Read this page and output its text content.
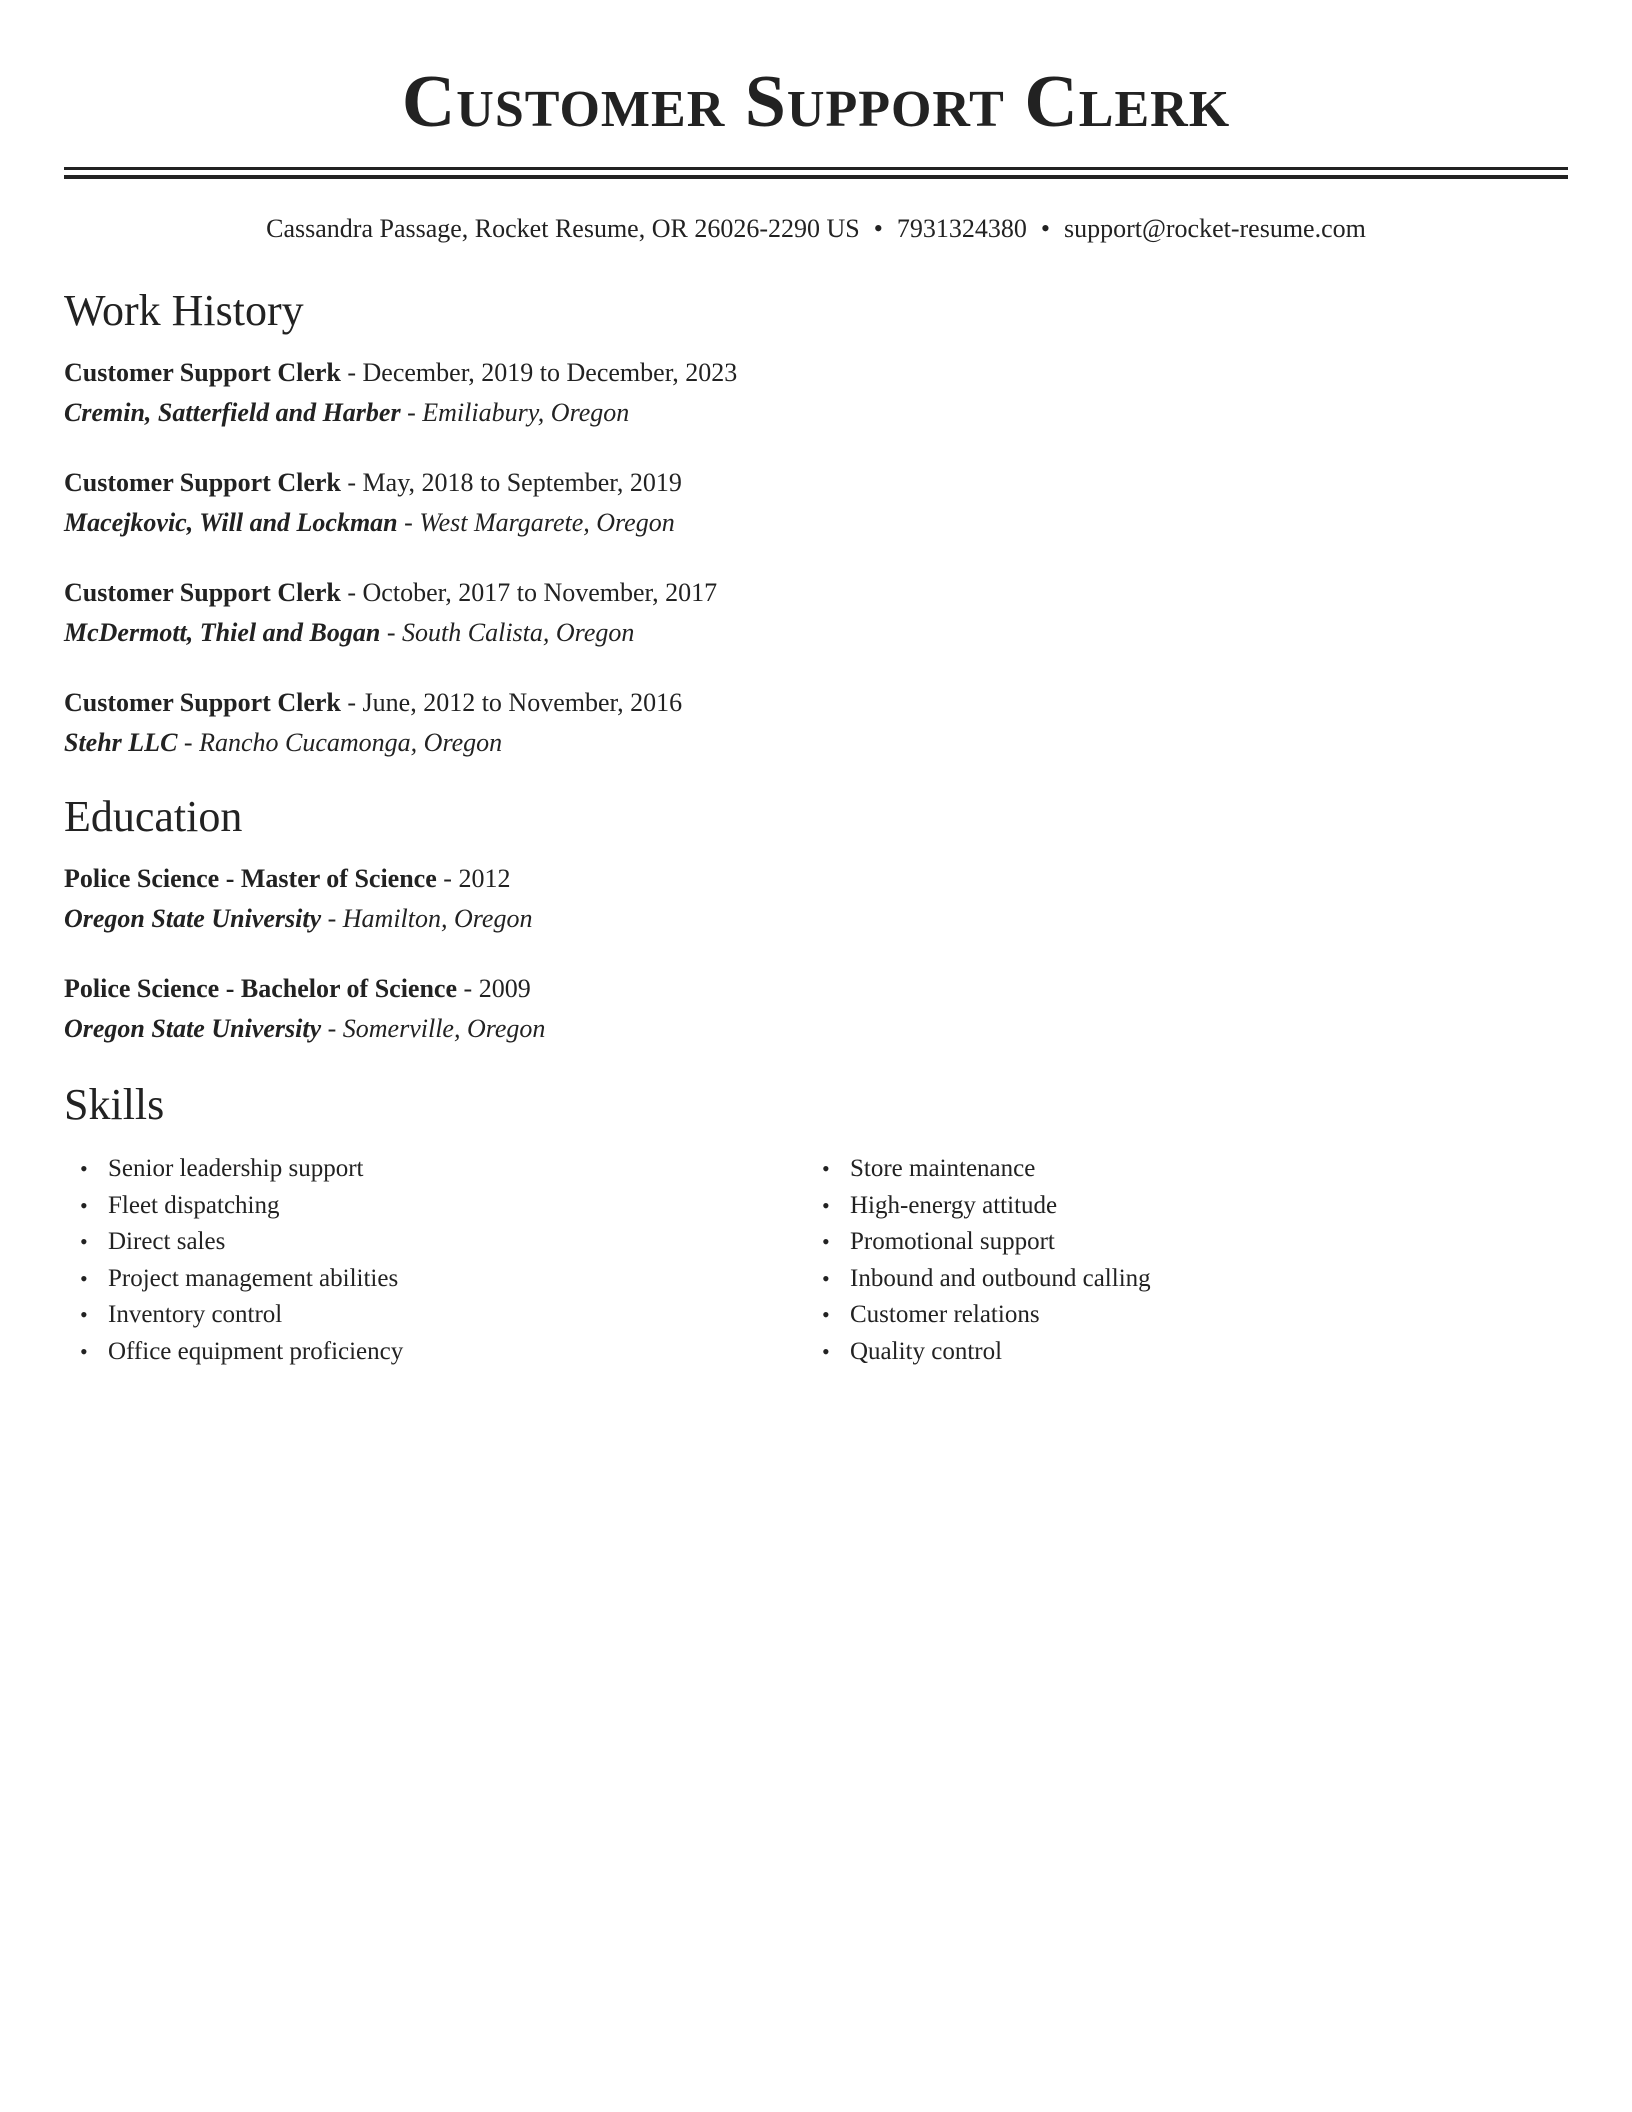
Customer Support Clerk
Cassandra Passage, Rocket Resume, OR 26026-2290 US • 7931324380 • support@rocket-resume.com
Work History
Customer Support Clerk - December, 2019 to December, 2023
Cremin, Satterfield and Harber - Emiliabury, Oregon
Customer Support Clerk - May, 2018 to September, 2019
Macejkovic, Will and Lockman - West Margarete, Oregon
Customer Support Clerk - October, 2017 to November, 2017
McDermott, Thiel and Bogan - South Calista, Oregon
Customer Support Clerk - June, 2012 to November, 2016
Stehr LLC - Rancho Cucamonga, Oregon
Education
Police Science - Master of Science - 2012
Oregon State University - Hamilton, Oregon
Police Science - Bachelor of Science - 2009
Oregon State University - Somerville, Oregon
Skills
• Senior leadership support
• Fleet dispatching
• Direct sales
• Project management abilities
• Inventory control
• Office equipment proficiency
• Store maintenance
• High-energy attitude
• Promotional support
• Inbound and outbound calling
• Customer relations
• Quality control
